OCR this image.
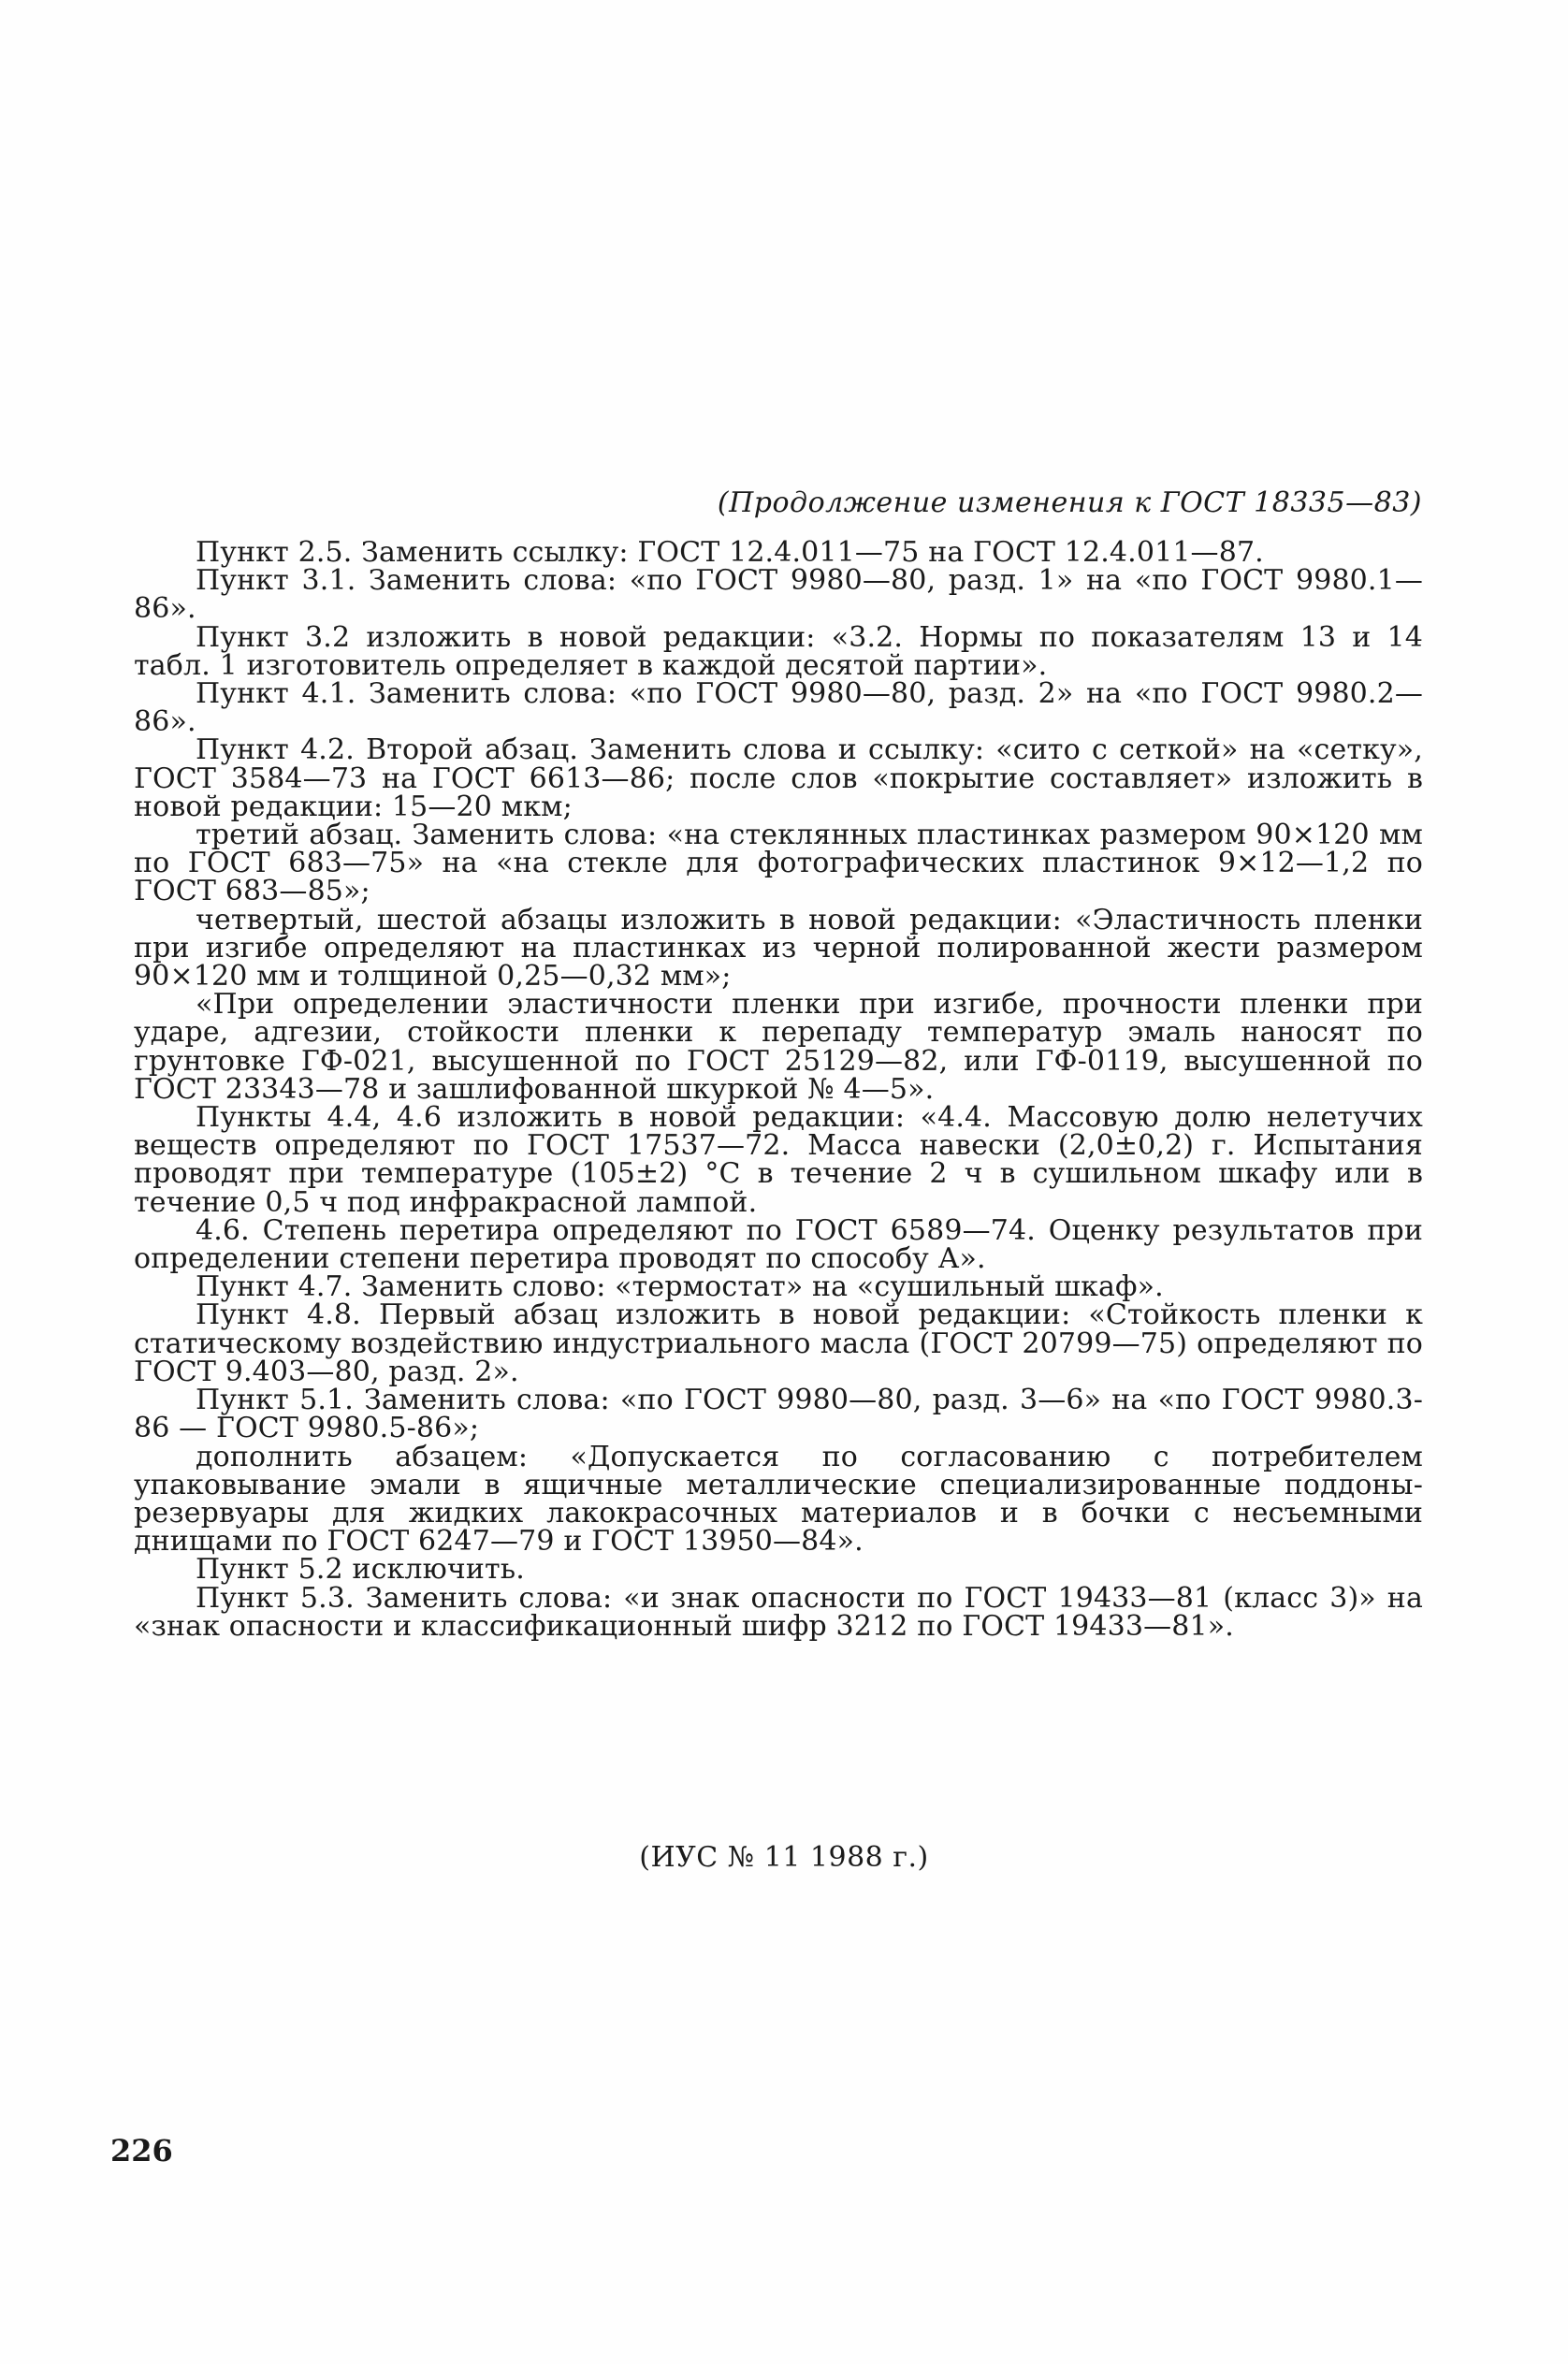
(Продолжение изменения к ГОСТ 18335—83)

Пункт 2.5. Заменить ссылку: ГОСТ 12.4.011—75 на ГОСТ 12.4.011—87.

Пункт 3.1. Заменить слова: «по ГОСТ 9980—80, разд. 1» на «по ГОСТ 9980.1—86».

Пункт 3.2 изложить в новой редакции: «3.2. Нормы по показателям 13 и 14 табл. 1 изготовитель определяет в каждой десятой партии».

Пункт 4.1. Заменить слова: «по ГОСТ 9980—80, разд. 2» на «по ГОСТ 9980.2—86».

Пункт 4.2. Второй абзац. Заменить слова и ссылку: «сито с сеткой» на «сетку», ГОСТ 3584—73 на ГОСТ 6613—86; после слов «покрытие составляет» изложить в новой редакции: 15—20 мкм;

третий абзац. Заменить слова: «на стеклянных пластинках размером 90×120 мм по ГОСТ 683—75» на «на стекле для фотографических пластинок 9×12—1,2 по ГОСТ 683—85»;

четвертый, шестой абзацы изложить в новой редакции: «Эластичность пленки при изгибе определяют на пластинках из черной полированной жести размером 90×120 мм и толщиной 0,25—0,32 мм»;

«При определении эластичности пленки при изгибе, прочности пленки при ударе, адгезии, стойкости пленки к перепаду температур эмаль наносят по грунтовке ГФ-021, высушенной по ГОСТ 25129—82, или ГФ-0119, высушенной по ГОСТ 23343—78 и зашлифованной шкуркой № 4—5».

Пункты 4.4, 4.6 изложить в новой редакции: «4.4. Массовую долю нелетучих веществ определяют по ГОСТ 17537—72. Масса навески (2,0±0,2) г. Испытания проводят при температуре (105±2) °С в течение 2 ч в сушильном шкафу или в течение 0,5 ч под инфракрасной лампой.

4.6. Степень перетира определяют по ГОСТ 6589—74. Оценку результатов при определении степени перетира проводят по способу А».

Пункт 4.7. Заменить слово: «термостат» на «сушильный шкаф».

Пункт 4.8. Первый абзац изложить в новой редакции: «Стойкость пленки к статическому воздействию индустриального масла (ГОСТ 20799—75) определяют по ГОСТ 9.403—80, разд. 2».

Пункт 5.1. Заменить слова: «по ГОСТ 9980—80, разд. 3—6» на «по ГОСТ 9980.3-86 — ГОСТ 9980.5-86»;

дополнить абзацем: «Допускается по согласованию с потребителем упаковывание эмали в ящичные металлические специализированные поддоны-резервуары для жидких лакокрасочных материалов и в бочки с несъемными днищами по ГОСТ 6247—79 и ГОСТ 13950—84».

Пункт 5.2 исключить.

Пункт 5.3. Заменить слова: «и знак опасности по ГОСТ 19433—81 (класс 3)» на «знак опасности и классификационный шифр 3212 по ГОСТ 19433—81».

(ИУС № 11 1988 г.)
226
